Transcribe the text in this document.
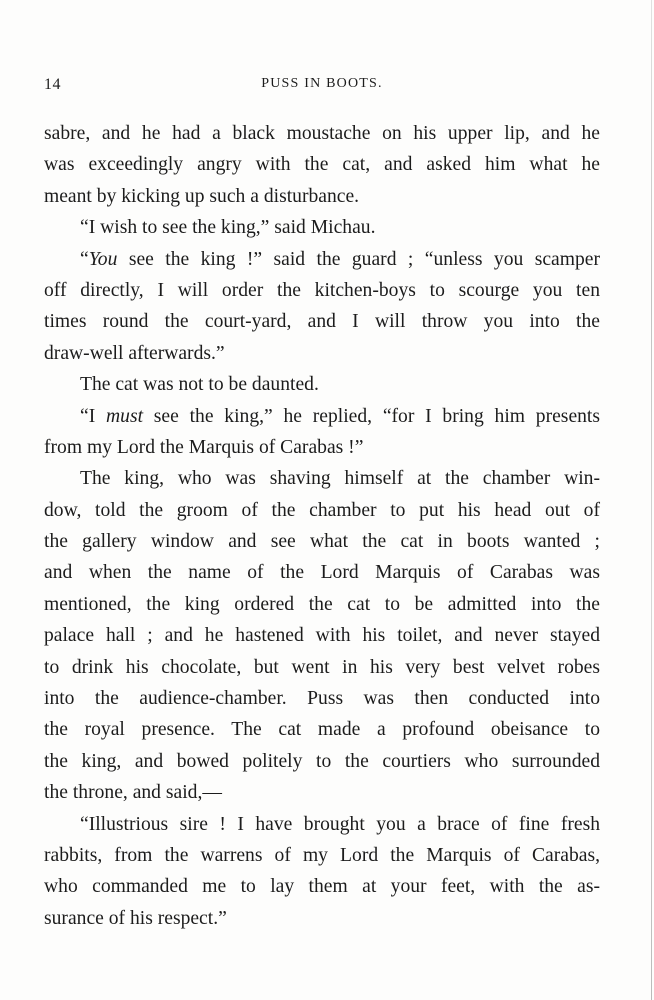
14	PUSS IN BOOTS.
sabre, and he had a black moustache on his upper lip, and he
was exceedingly angry with the cat, and asked him what he
meant by kicking up such a disturbance.
“I wish to see the king,” said Michau.
“You see the king !” said the guard ; “unless you scamper
off directly, I will order the kitchen-boys to scourge you ten
times round the court-yard, and I will throw you into the
draw-well afterwards.”
The cat was not to be daunted.
“I must see the king,” he replied, “for I bring him presents
from my Lord the Marquis of Carabas !”
The king, who was shaving himself at the chamber win-
dow, told the groom of the chamber to put his head out of
the gallery window and see what the cat in boots wanted ;
and when the name of the Lord Marquis of Carabas was
mentioned, the king ordered the cat to be admitted into the
palace hall ; and he hastened with his toilet, and never stayed
to drink his chocolate, but went in his very best velvet robes
into the audience-chamber. Puss was then conducted into
the royal presence. The cat made a profound obeisance to
the king, and bowed politely to the courtiers who surrounded
the throne, and said,—
“Illustrious sire ! I have brought you a brace of fine fresh
rabbits, from the warrens of my Lord the Marquis of Carabas,
who commanded me to lay them at your feet, with the as-
surance of his respect.”
